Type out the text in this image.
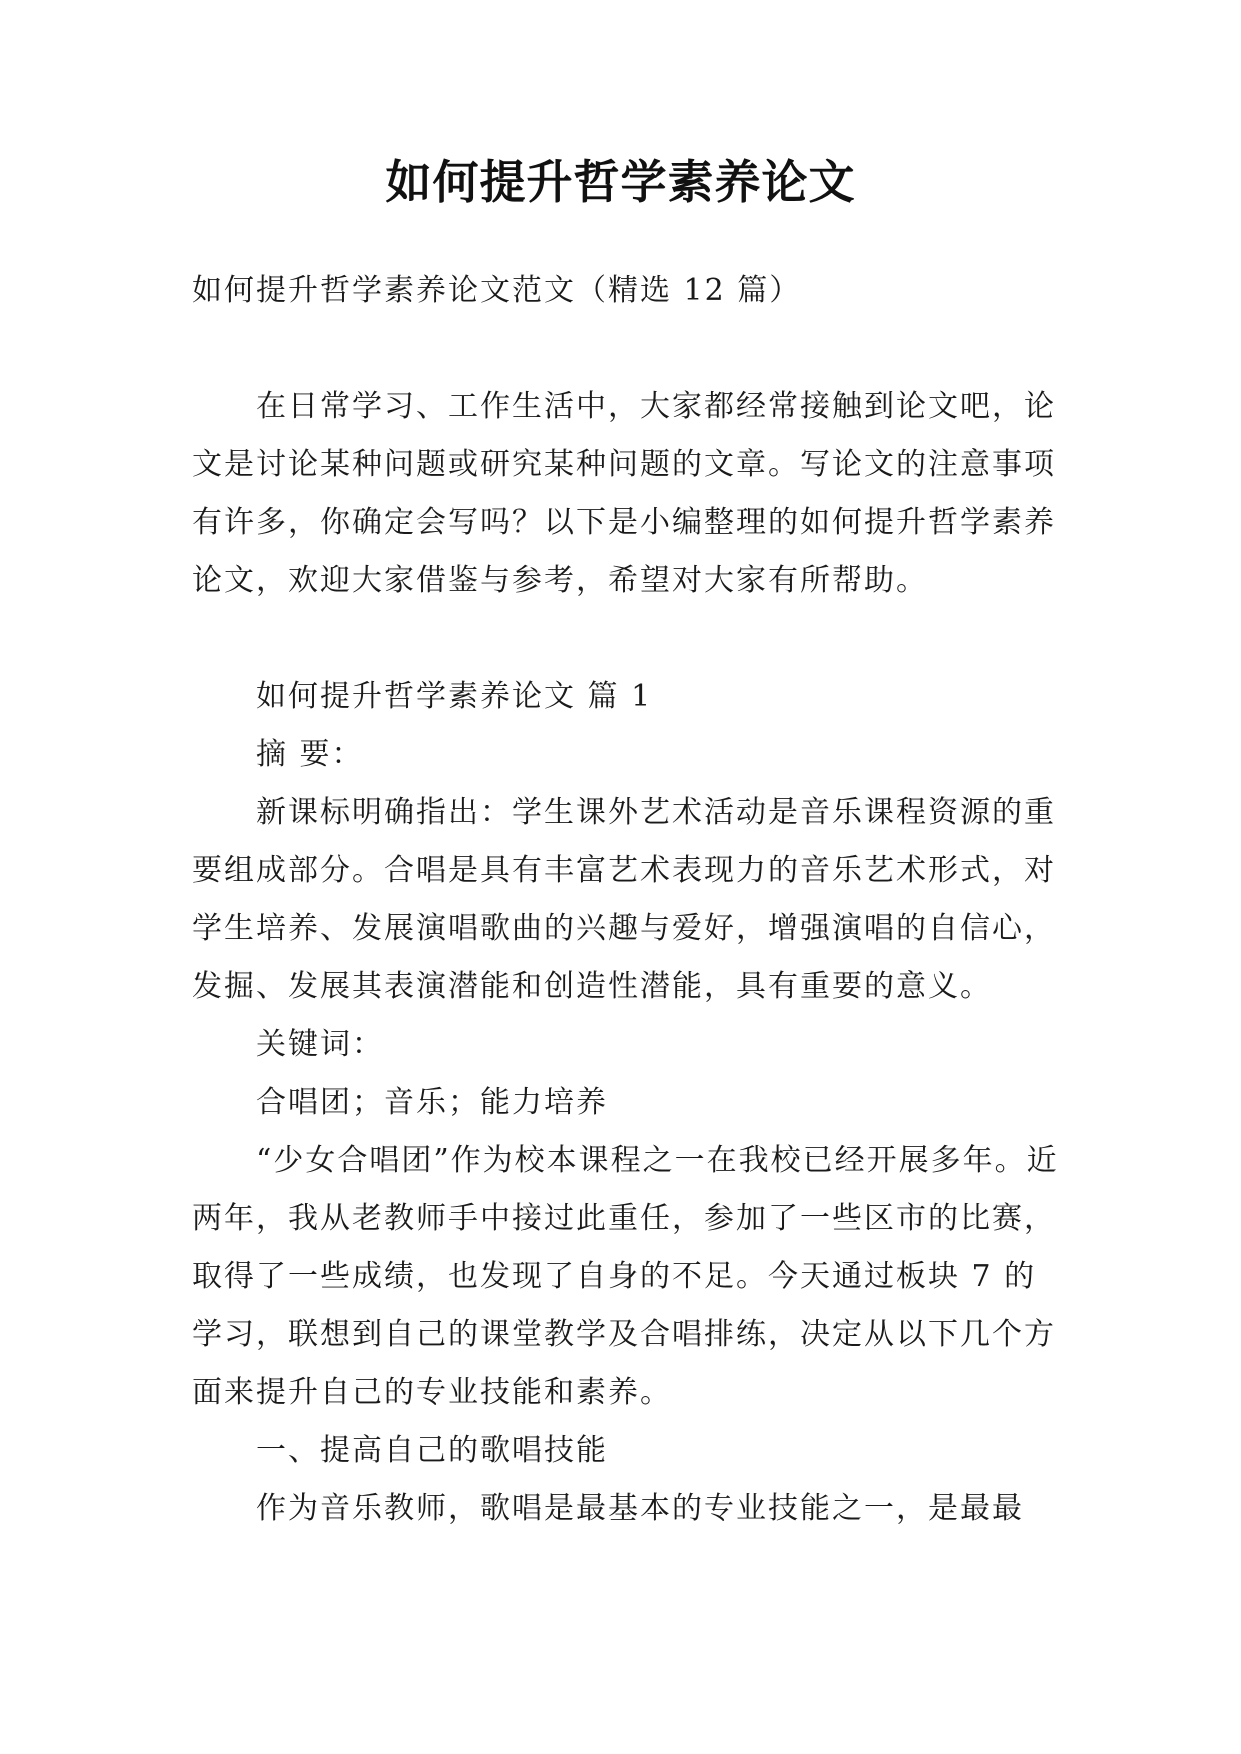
如何提升哲学素养论文

如何提升哲学素养论文范文（精选 12 篇）

在日常学习、工作生活中，大家都经常接触到论文吧，论文是讨论某种问题或研究某种问题的文章。写论文的注意事项有许多，你确定会写吗？以下是小编整理的如何提升哲学素养论文，欢迎大家借鉴与参考，希望对大家有所帮助。

如何提升哲学素养论文 篇 1

摘 要：

新课标明确指出：学生课外艺术活动是音乐课程资源的重要组成部分。合唱是具有丰富艺术表现力的音乐艺术形式，对学生培养、发展演唱歌曲的兴趣与爱好，增强演唱的自信心，发掘、发展其表演潜能和创造性潜能，具有重要的意义。

关键词：

合唱团；音乐；能力培养

“少女合唱团”作为校本课程之一在我校已经开展多年。近两年，我从老教师手中接过此重任，参加了一些区市的比赛，取得了一些成绩，也发现了自身的不足。今天通过板块 7 的学习，联想到自己的课堂教学及合唱排练，决定从以下几个方面来提升自己的专业技能和素养。

一、提高自己的歌唱技能

作为音乐教师，歌唱是最基本的专业技能之一，是最最
